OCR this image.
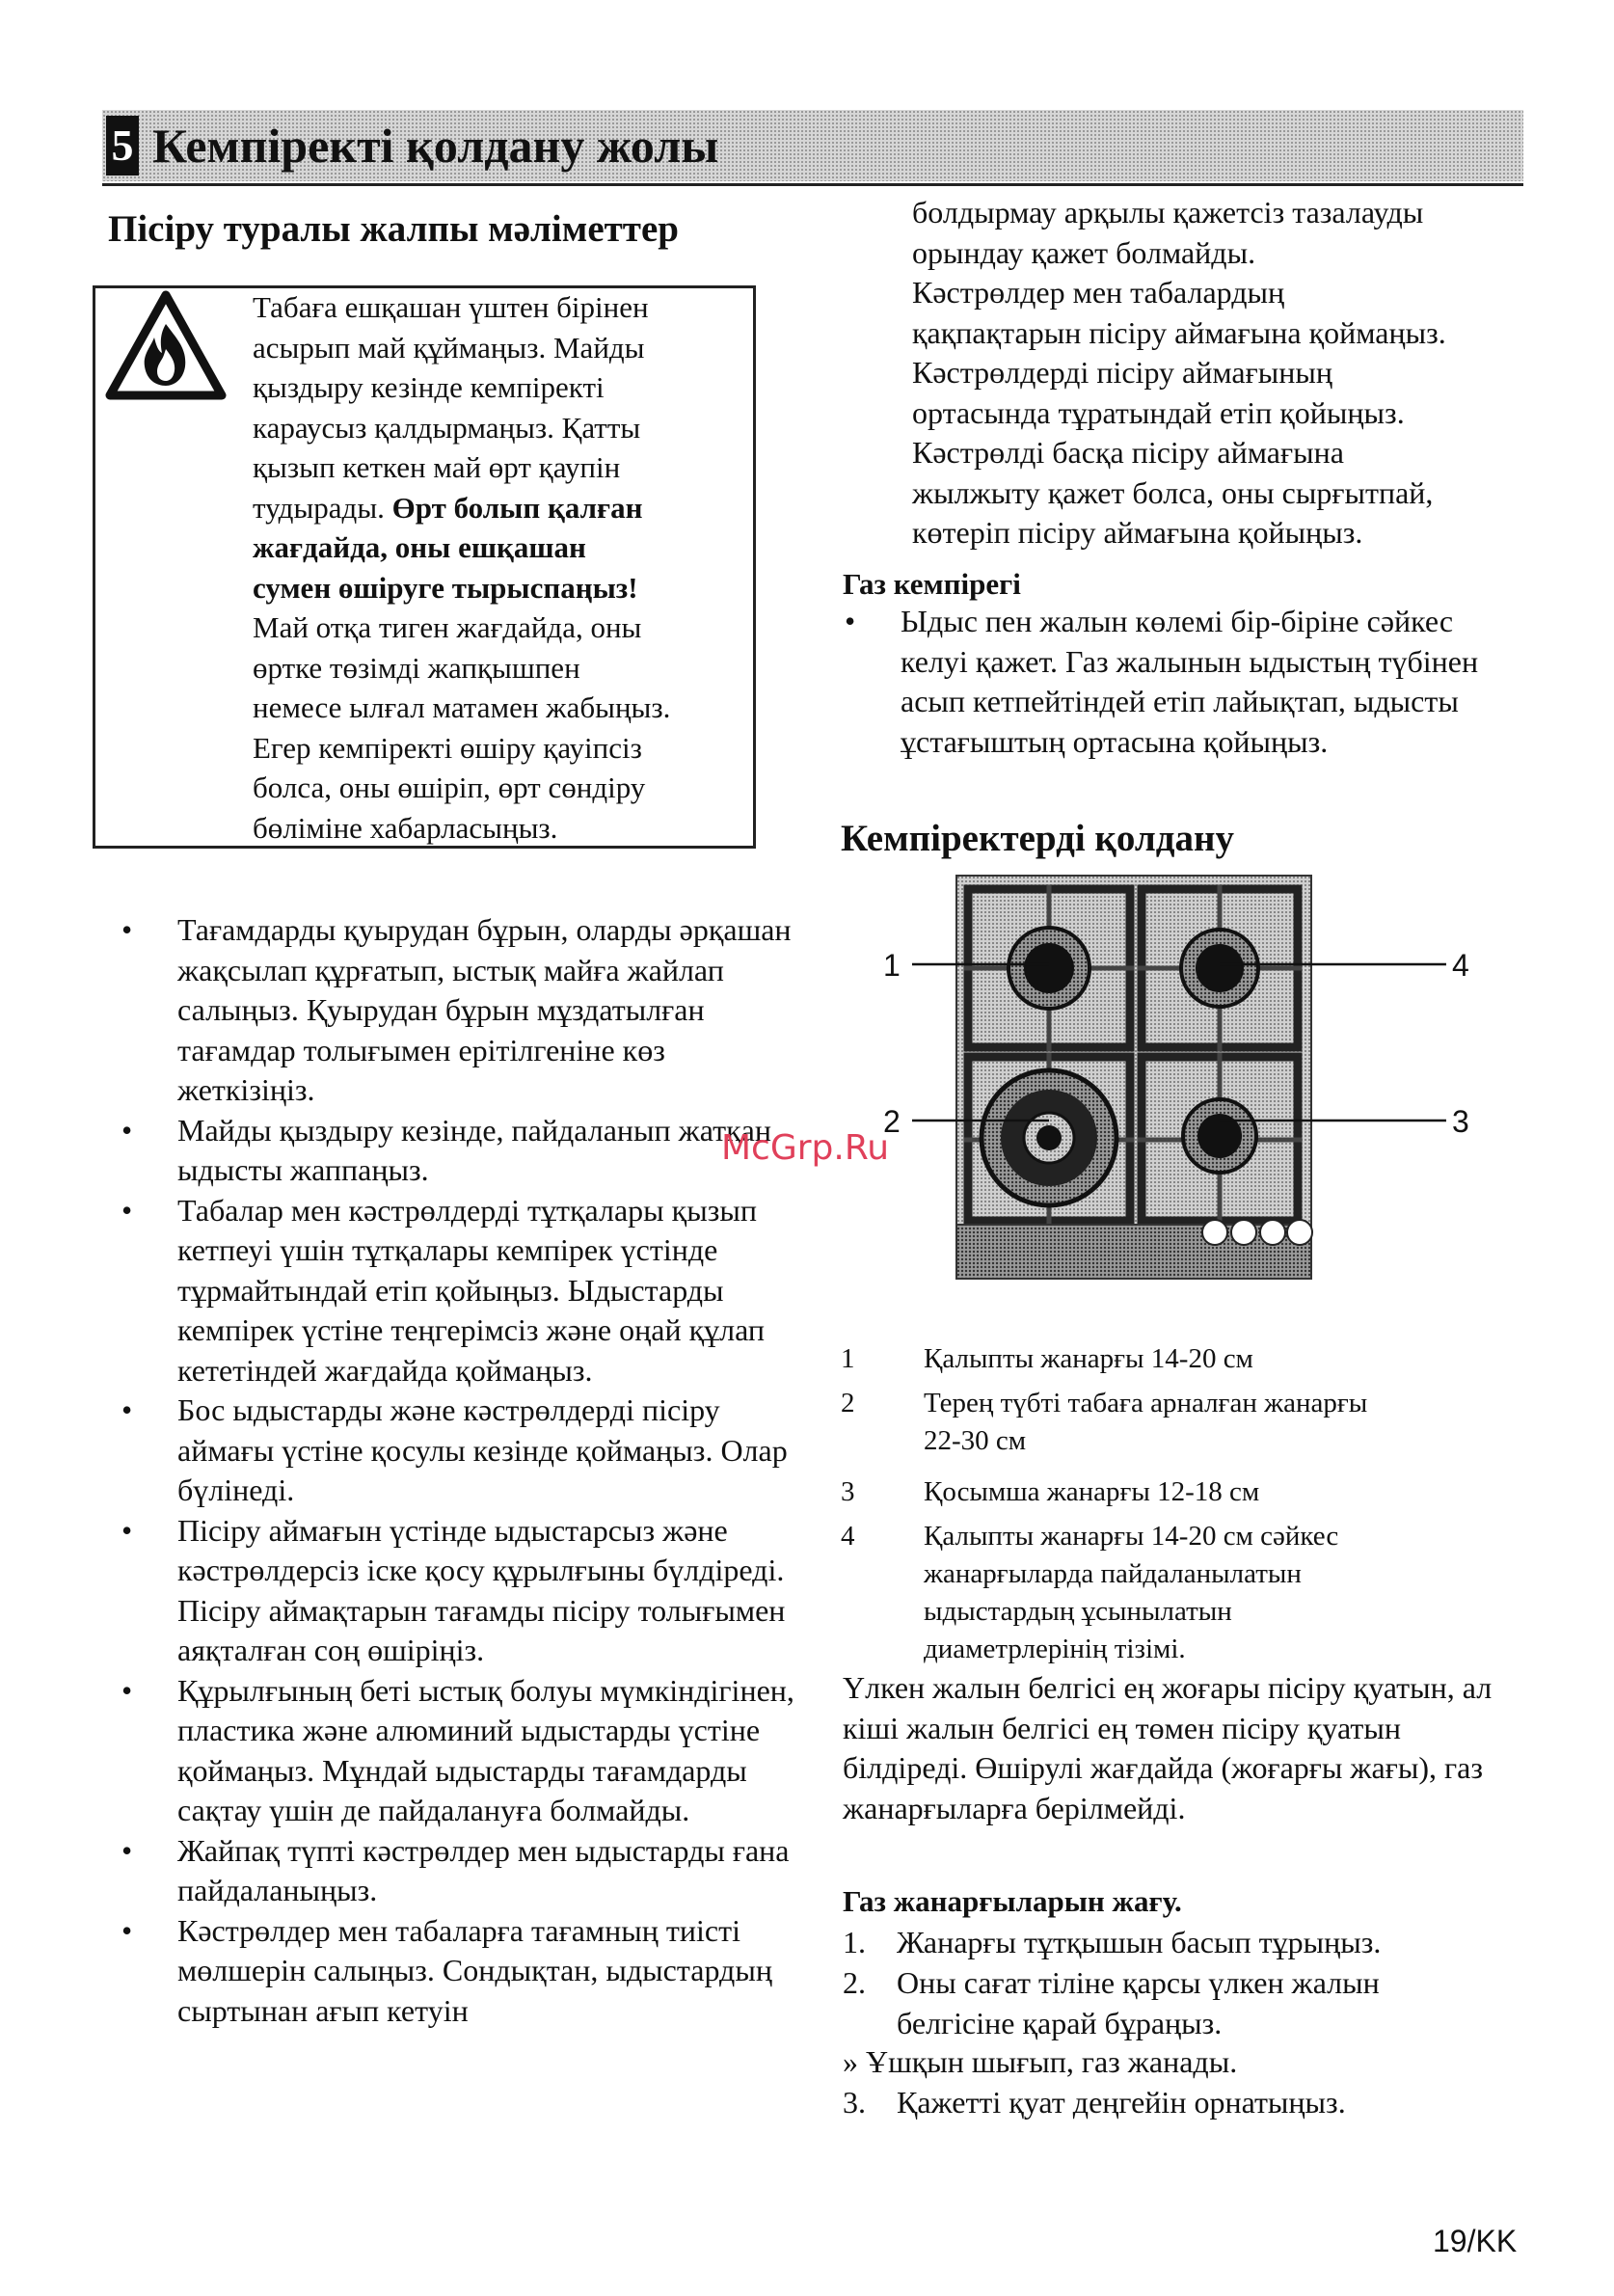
5 Кемпіректі қолдану жолы
Пісіру туралы жалпы мәліметтер
Табаға ешқашан үштен бірінен
асырып май құймаңыз. Майды
қыздыру кезінде кемпіректі
караусыз қалдырмаңыз. Қатты
қызып кеткен май өрт қаупін
тудырады. Өрт болып қалған
жағдайда, оны ешқашан
сумен өшіруге тырыспаңыз!
Май отқа тиген жағдайда, оны
өртке төзімді жапқышпен
немесе ылғал матамен жабыңыз.
Егер кемпіректі өшіру қауіпсіз
болса, оны өшіріп, өрт сөндіру
бөліміне хабарласыңыз.
• Тағамдарды қуырудан бұрын, оларды әрқашан жақсылап құрғатып, ыстық майға жайлап салыңыз. Қуырудан бұрын мұздатылған тағамдар толығымен ерітілгеніне көз жеткізіңіз.
• Майды қыздыру кезінде, пайдаланып жатқан ыдысты жаппаңыз.
• Табалар мен кәстрөлдерді тұтқалары қызып кетпеуі үшін тұтқалары кемпірек үстінде тұрмайтындай етіп қойыңыз. Ыдыстарды кемпірек үстіне теңгерімсіз және оңай құлап кететіндей жағдайда қоймаңыз.
• Бос ыдыстарды және кәстрөлдерді пісіру аймағы үстіне қосулы кезінде қоймаңыз. Олар бүлінеді.
• Пісіру аймағын үстінде ыдыстарсыз және кәстрөлдерсіз іске қосу құрылғыны бүлдіреді. Пісіру аймақтарын тағамды пісіру толығымен аяқталған соң өшіріңіз.
• Құрылғының беті ыстық болуы мүмкіндігінен, пластика және алюминий ыдыстарды үстіне қоймаңыз. Мұндай ыдыстарды тағамдарды сақтау үшін де пайдалануға болмайды.
• Жайпақ түпті кәстрөлдер мен ыдыстарды ғана пайдаланыңыз.
• Кәстрөлдер мен табаларға тағамның тиісті мөлшерін салыңыз. Сондықтан, ыдыстардың сыртынан ағып кетуін
болдырмау арқылы қажетсіз тазалауды
орындау қажет болмайды.
Кәстрөлдер мен табалардың
қақпақтарын пісіру аймағына қоймаңыз.
Кәстрөлдерді пісіру аймағының
ортасында тұратындай етіп қойыңыз.
Кәстрөлді басқа пісіру аймағына
жылжыту қажет болса, оны сырғытпай,
көтеріп пісіру аймағына қойыңыз.
Газ кемпірегі
• Ыдыс пен жалын көлемі бір-біріне сәйкес келуі қажет. Газ жалынын ыдыстың түбінен асып кетпейтіндей етіп лайықтап, ыдысты ұстағыштың ортасына қойыңыз.
Кемпіректерді қолдану
1
2	3
4
1 Қалыпты жанарғы 14-20 см
2 Терең түбті табаға арналған жанарғы 22-30 см
3 Қосымша жанарғы 12-18 см
4 Қалыпты жанарғы 14-20 см сәйкес жанарғыларда пайдаланылатын ыдыстардың ұсынылатын диаметрлерінің тізімі.
Үлкен жалын белгісі ең жоғары пісіру қуатын, ал кіші жалын белгісі ең төмен пісіру қуатын білдіреді. Өшірулі жағдайда (жоғарғы жағы), газ жанарғыларға берілмейді.
Газ жанарғыларын жағу.
1. Жанарғы тұтқышын басып тұрыңыз.
2. Оны сағат тіліне қарсы үлкен жалын белгісіне қарай бұраңыз.
» Ұшқын шығып, газ жанады.
3. Қажетті қуат деңгейін орнатыңыз.
McGrp.Ru
19/KK
